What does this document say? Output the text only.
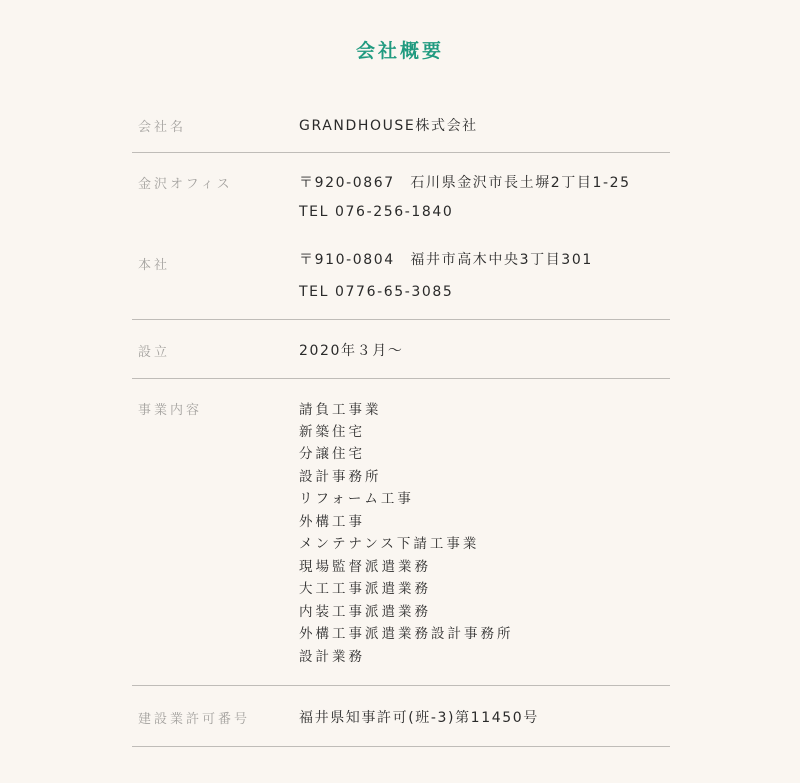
会社概要
会社名	GRANDHOUSE株式会社
金沢オフィス	〒920-0867　石川県金沢市長土塀2丁目1-25
TEL 076-256-1840
本社	〒910-0804　福井市高木中央3丁目301
TEL 0776-65-3085
設立	2020年３月～
事業内容	請負工事業
新築住宅
分譲住宅
設計事務所
リフォーム工事
外構工事
メンテナンス下請工事業
現場監督派遣業務
大工工事派遣業務
内装工事派遣業務
外構工事派遣業務設計事務所
設計業務
建設業許可番号	福井県知事許可(班-3)第11450号
